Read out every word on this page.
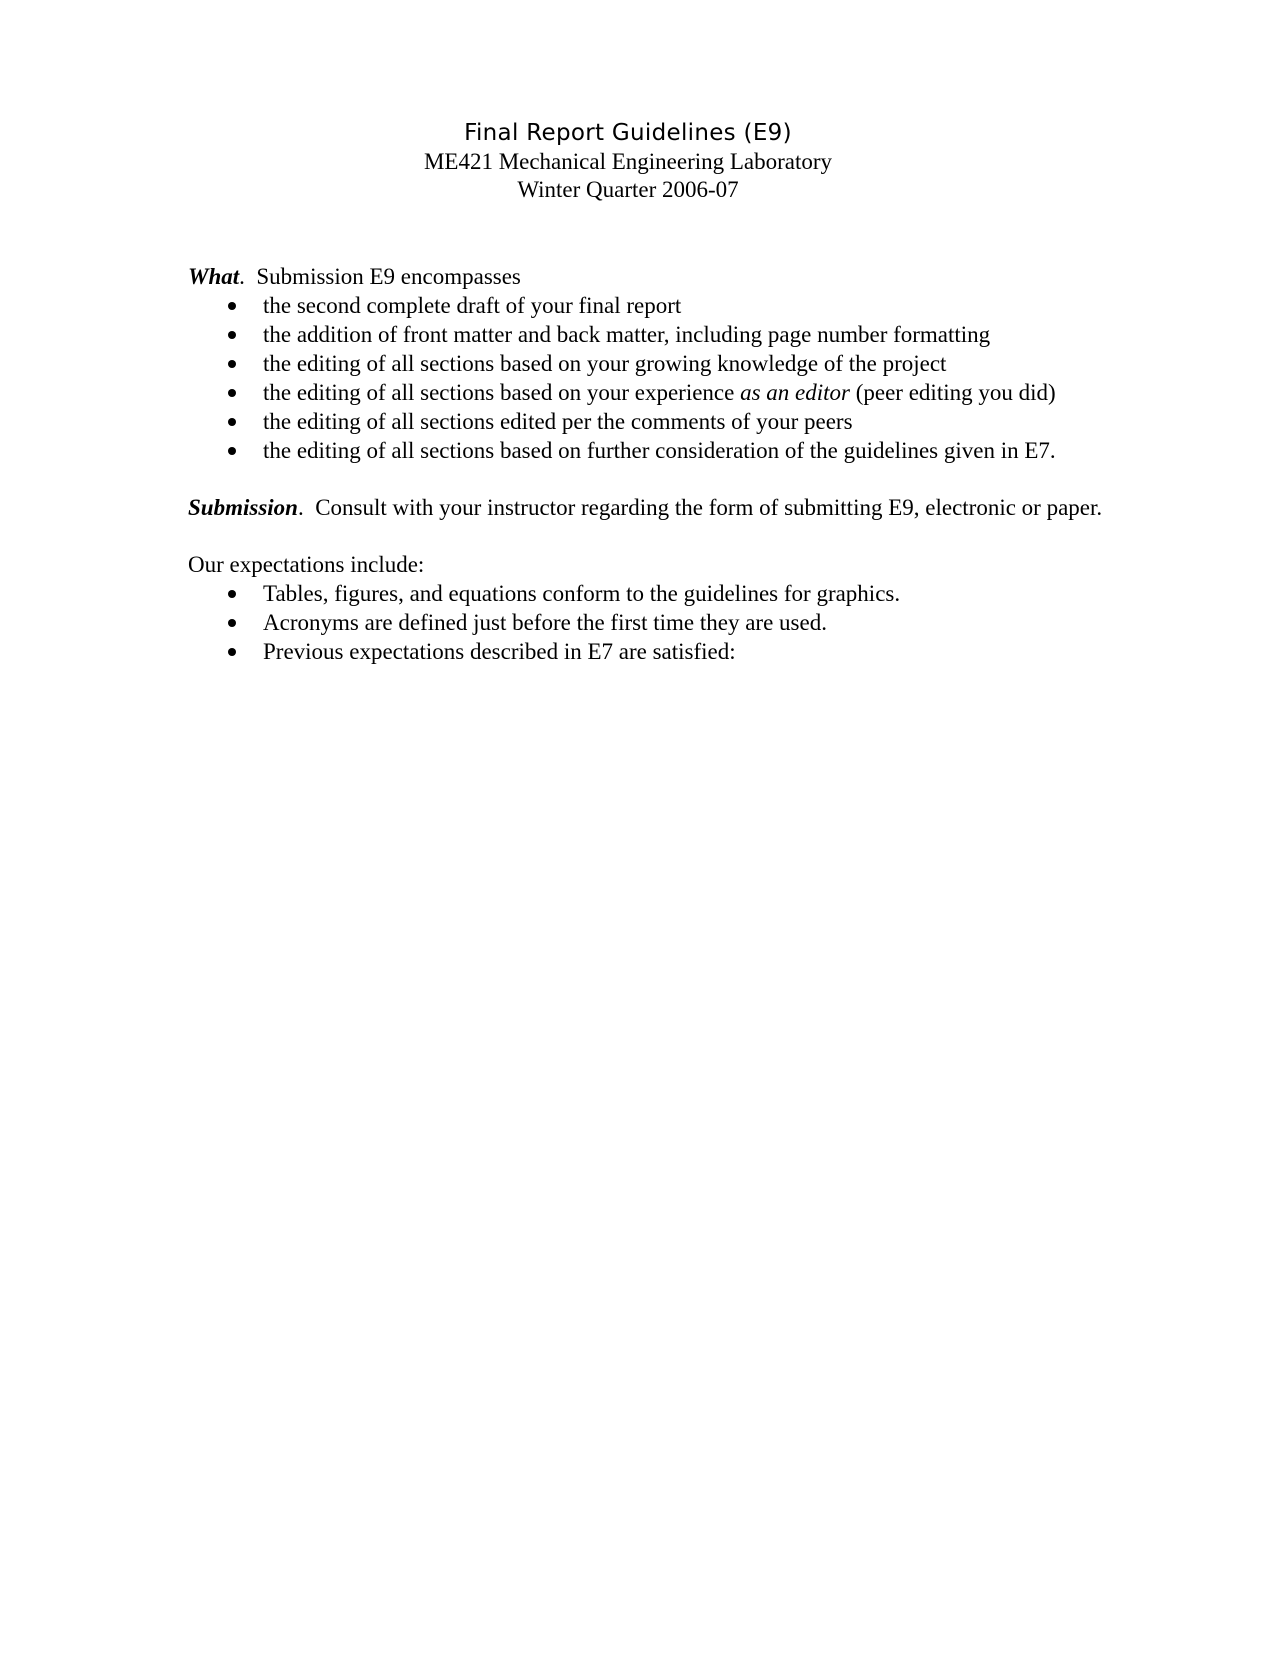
Final Report Guidelines (E9)
ME421 Mechanical Engineering Laboratory
Winter Quarter 2006-07

What. Submission E9 encompasses

the second complete draft of your final report
the addition of front matter and back matter, including page number formatting
the editing of all sections based on your growing knowledge of the project
the editing of all sections based on your experience as an editor (peer editing you did)
the editing of all sections edited per the comments of your peers
the editing of all sections based on further consideration of the guidelines given in E7.

Submission. Consult with your instructor regarding the form of submitting E9, electronic or paper.

Our expectations include:

Tables, figures, and equations conform to the guidelines for graphics.
Acronyms are defined just before the first time they are used.
Previous expectations described in E7 are satisfied:
